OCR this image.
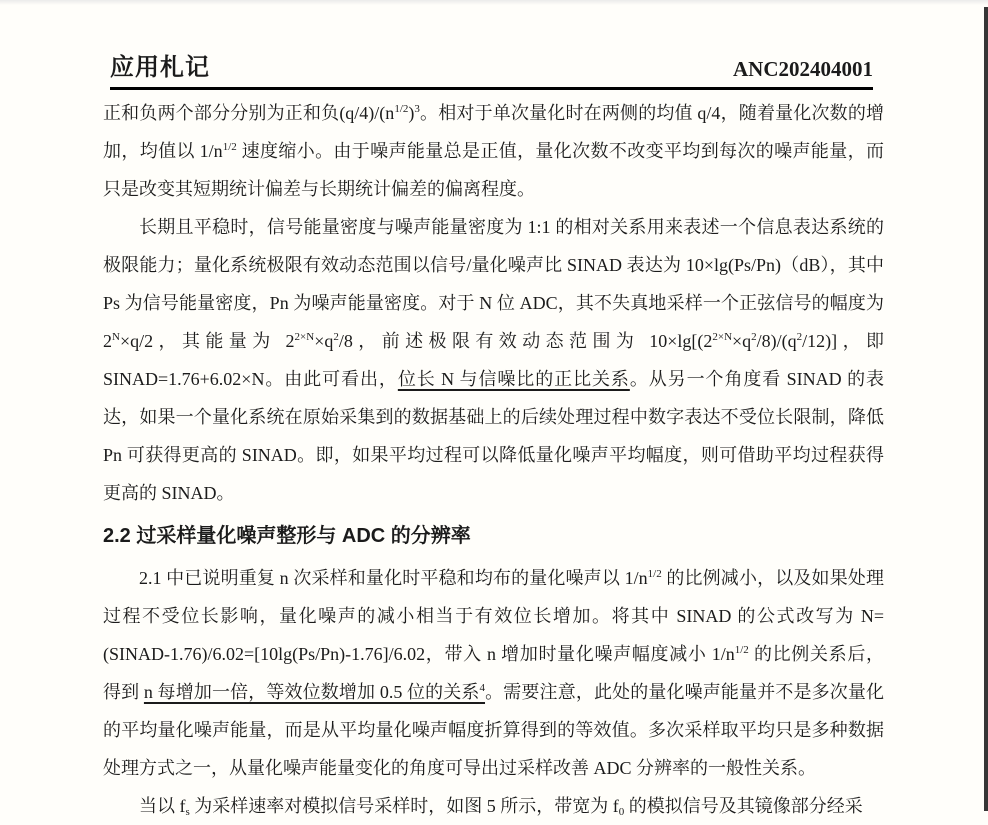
应用札记	ANC202404001

正和负两个部分分别为正和负$(q/4)/(n^{1/2})^3$。相对于单次量化时在两侧的均值 q/4，随着量化次数的增加，均值以 $1/n^{1/2}$ 速度缩小。由于噪声能量总是正值，量化次数不改变平均到每次的噪声能量，而只是改变其短期统计偏差与长期统计偏差的偏离程度。

长期且平稳时，信号能量密度与噪声能量密度为 1:1 的相对关系用来表述一个信息表达系统的极限能力；量化系统极限有效动态范围以信号/量化噪声比 SINAD 表达为 10×lg(Ps/Pn)（dB），其中 Ps 为信号能量密度，Pn 为噪声能量密度。对于 N 位 ADC，其不失真地采样一个正弦信号的幅度为 $2^N\times q/2$，其能量为 $2^{2\times N}\times q^2/8$，前述极限有效动态范围为 $10\times\lg[(2^{2\times N}\times q^2/8)/(q^2/12)]$，即 SINAD=1.76+6.02×N。由此可看出，位长 N 与信噪比的正比关系。从另一个角度看 SINAD 的表达，如果一个量化系统在原始采集到的数据基础上的后续处理过程中数字表达不受位长限制，降低 Pn 可获得更高的 SINAD。即，如果平均过程可以降低量化噪声平均幅度，则可借助平均过程获得更高的 SINAD。

2.2 过采样量化噪声整形与 ADC 的分辨率

2.1 中已说明重复 n 次采样和量化时平稳和均布的量化噪声以 $1/n^{1/2}$ 的比例减小，以及如果处理过程不受位长影响，量化噪声的减小相当于有效位长增加。将其中 SINAD 的公式改写为 N=(SINAD-1.76)/6.02=[10lg(Ps/Pn)-1.76]/6.02，带入 n 增加时量化噪声幅度减小 $1/n^{1/2}$ 的比例关系后，得到 n 每增加一倍，等效位数增加 0.5 位的关系$^4$。需要注意，此处的量化噪声能量并不是多次量化的平均量化噪声能量，而是从平均量化噪声幅度折算得到的等效值。多次采样取平均只是多种数据处理方式之一，从量化噪声能量变化的角度可导出过采样改善 ADC 分辨率的一般性关系。

当以 $f_s$ 为采样速率对模拟信号采样时，如图 5 所示，带宽为 $f_0$ 的模拟信号及其镜像部分经采
